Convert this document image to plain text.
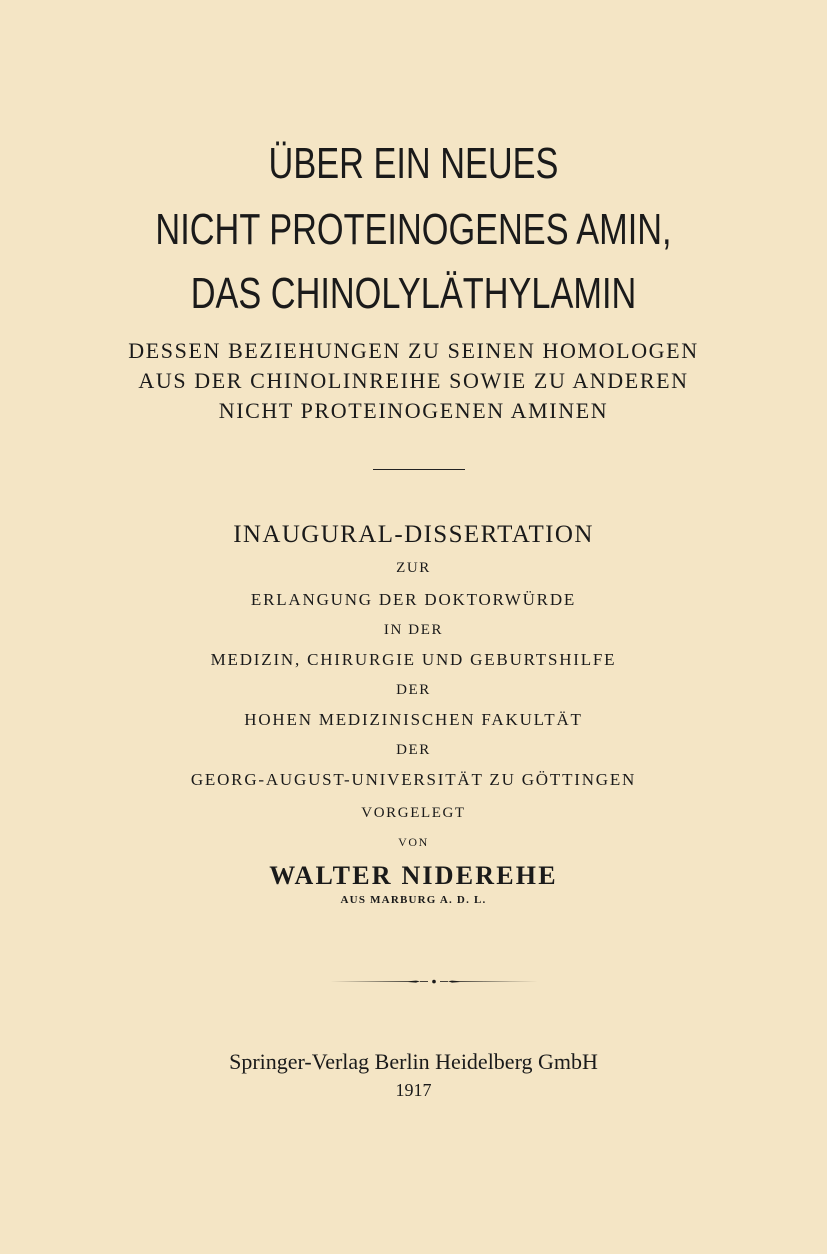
ÜBER EIN NEUES
NICHT PROTEINOGENES AMIN,
DAS CHINOLYLÄTHYLAMIN
DESSEN BEZIEHUNGEN ZU SEINEN HOMOLOGEN
AUS DER CHINOLINREIHE SOWIE ZU ANDEREN
NICHT PROTEINOGENEN AMINEN
INAUGURAL-DISSERTATION
ZUR
ERLANGUNG DER DOKTORWÜRDE
IN DER
MEDIZIN, CHIRURGIE UND GEBURTSHILFE
DER
HOHEN MEDIZINISCHEN FAKULTÄT
DER
GEORG-AUGUST-UNIVERSITÄT ZU GÖTTINGEN
VORGELEGT
VON
WALTER NIDEREHE
AUS MARBURG A. D. L.
Springer-Verlag Berlin Heidelberg GmbH
1917
